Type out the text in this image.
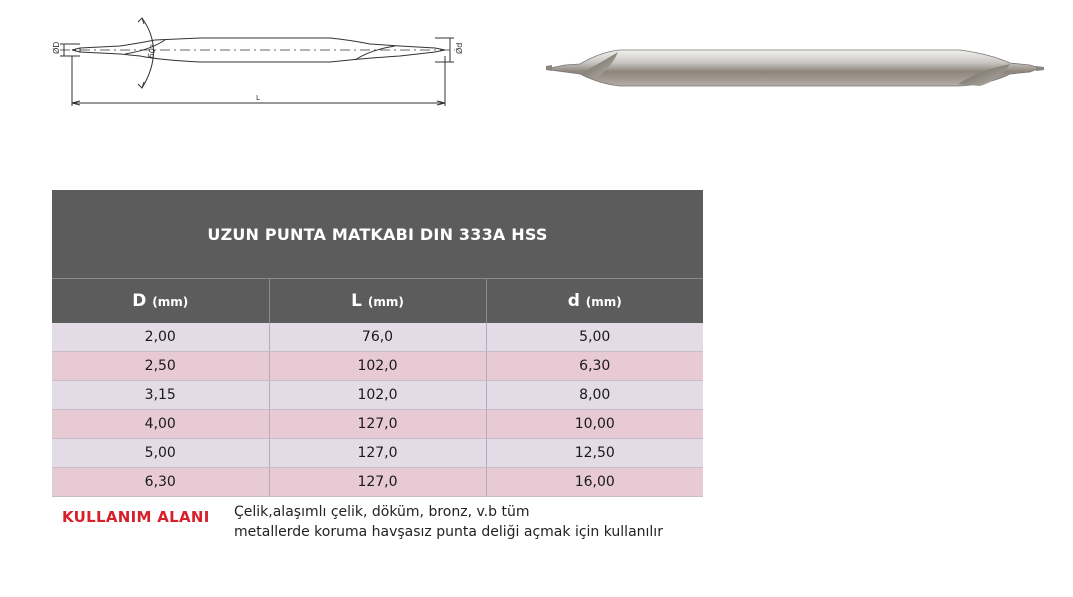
ØD	Ød
L
60°
UZUN PUNTA MATKABI DIN 333A HSS		
D (mm)	L (mm)	d (mm)
2,00	76,0	5,00
2,50	102,0	6,30
3,15	102,0	8,00
4,00	127,0	10,00
5,00	127,0	12,50
6,30	127,0	16,00
KULLANIM ALANI Çelik,alaşımlı çelik, döküm, bronz, v.b tüm
metallerde koruma havşasız punta deliği açmak için kullanılır
